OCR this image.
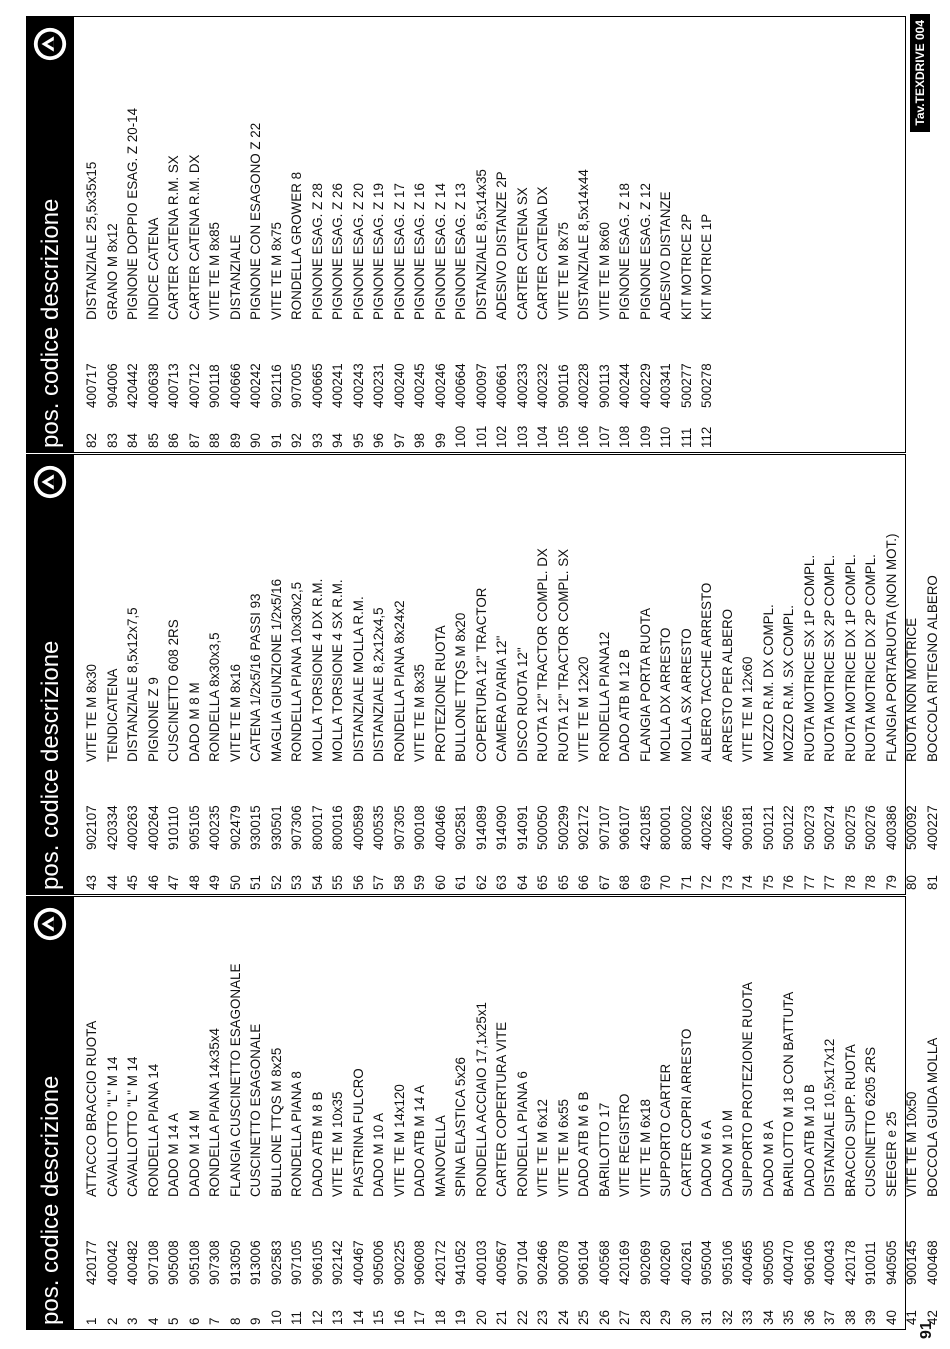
pos. codice
descrizione
1
420177
ATTACCO BRACCIO RUOTA
2
400042
CAVALLOTTO "L" M 14
3
400482
CAVALLOTTO "L" M 14
4
907108
RONDELLA PIANA 14
5
905008
DADO M 14 A
6
905108
DADO M 14 M
7
907308
RONDELLA PIANA 14x35x4
8
913050
FLANGIA CUSCINETTO ESAGONALE
9
913006
CUSCINETTO ESAGONALE
10
902583
BULLONE TTQS M 8x25
11
907105
RONDELLA PIANA 8
12
906105
DADO ATB M 8 B
13
902142
VITE TE M 10x35
14
400467
PIASTRINA FULCRO
15
905006
DADO M 10 A
16
900225
VITE TE M 14x120
17
906008
DADO ATB M 14 A
18
420172
MANOVELLA
19
941052
SPINA ELASTICA 5x26
20
400103
RONDELLA ACCIAIO 17,1x25x1
21
400567
CARTER COPERTURA VITE
22
907104
RONDELLA PIANA 6
23
902466
VITE TE M 6x12
24
900078
VITE TE M 6x55
25
906104
DADO ATB M 6 B
26
400568
BARILOTTO 17
27
420169
VITE REGISTRO
28
902069
VITE TE M 6x18
29
400260
SUPPORTO CARTER
30
400261
CARTER COPRI ARRESTO
31
905004
DADO M 6 A
32
905106
DADO M 10 M
33
400465
SUPPORTO PROTEZIONE RUOTA
34
905005
DADO M 8 A
35
400470
BARILOTTO M 18 CON BATTUTA
36
906106
DADO ATB M 10 B
37
400043
DISTANZIALE 10,5x17x12
38
420178
BRACCIO SUPP. RUOTA
39
910011
CUSCINETTO 6205 2RS
40
940505
SEEGER e 25
41
900145
VITE TE M 10x50
42
400468
BOCCOLA GUIDA MOLLA
pos. codice
descrizione
43
902107
VITE TE M 8x30
44
420334
TENDICATENA
45
400263
DISTANZIALE 8,5x12x7,5
46
400264
PIGNONE Z 9
47
910110
CUSCINETTO 608 2RS
48
905105
DADO M 8 M
49
400235
RONDELLA 8x30x3,5
50
902479
VITE TE M 8x16
51
930015
CATENA 1/2x5/16 PASSI 93
52
930501
MAGLIA GIUNZIONE 1/2x5/16
53
907306
RONDELLA PIANA 10x30x2,5
54
800017
MOLLA TORSIONE 4 DX R.M.
55
800016
MOLLA TORSIONE 4 SX R.M.
56
400589
DISTANZIALE MOLLA R.M.
57
400535
DISTANZIALE 8,2x12x4,5
58
907305
RONDELLA PIANA 8x24x2
59
900108
VITE TE M 8x35
60
400466
PROTEZIONE RUOTA
61
902581
BULLONE TTQS M 8x20
62
914089
COPERTURA 12" TRACTOR
63
914090
CAMERA D'ARIA 12"
64
914091
DISCO RUOTA 12"
65
500050
RUOTA 12" TRACTOR COMPL. DX
65
500299
RUOTA 12" TRACTOR COMPL. SX
66
902172
VITE TE M 12x20
67
907107
RONDELLA PIANA12
68
906107
DADO ATB M 12 B
69
420185
FLANGIA PORTA RUOTA
70
800001
MOLLA DX ARRESTO
71
800002
MOLLA SX ARRESTO
72
400262
ALBERO TACCHE ARRESTO
73
400265
ARRESTO PER ALBERO
74
900181
VITE TE M 12x60
75
500121
MOZZO R.M. DX COMPL.
76
500122
MOZZO R.M. SX COMPL.
77
500273
RUOTA MOTRICE SX 1P COMPL.
77
500274
RUOTA MOTRICE SX 2P COMPL.
78
500275
RUOTA MOTRICE DX 1P COMPL.
78
500276
RUOTA MOTRICE DX 2P COMPL.
79
400386
FLANGIA PORTARUOTA (NON MOT.)
80
500092
RUOTA NON MOTRICE
81
400227
BOCCOLA RITEGNO ALBERO
pos. codice
descrizione
82
400717
DISTANZIALE 25,5x35x15
83
904006
GRANO M 8x12
84
420442
PIGNONE DOPPIO ESAG. Z 20-14
85
400638
INDICE CATENA
86
400713
CARTER CATENA R.M. SX
87
400712
CARTER CATENA R.M. DX
88
900118
VITE TE M 8x85
89
400666
DISTANZIALE
90
400242
PIGNONE CON ESAGONO Z 22
91
902116
VITE TE M 8x75
92
907005
RONDELLA GROWER 8
93
400665
PIGNONE ESAG. Z 28
94
400241
PIGNONE ESAG. Z 26
95
400243
PIGNONE ESAG. Z 20
96
400231
PIGNONE ESAG. Z 19
97
400240
PIGNONE ESAG. Z 17
98
400245
PIGNONE ESAG. Z 16
99
400246
PIGNONE ESAG. Z 14
100
400664
PIGNONE ESAG. Z 13
101
400097
DISTANZIALE 8,5x14x35
102
400661
ADESIVO DISTANZE 2P
103
400233
CARTER CATENA SX
104
400232
CARTER CATENA DX
105
900116
VITE TE M 8x75
106
400228
DISTANZIALE 8,5x14x44
107
900113
VITE TE M 8x60
108
400244
PIGNONE ESAG. Z 18
109
400229
PIGNONE ESAG. Z 12
110
400341
ADESIVO DISTANZE
111
500277
KIT MOTRICE 2P
112
500278
KIT MOTRICE 1P
91
Tav.TEXDRIVE 004
